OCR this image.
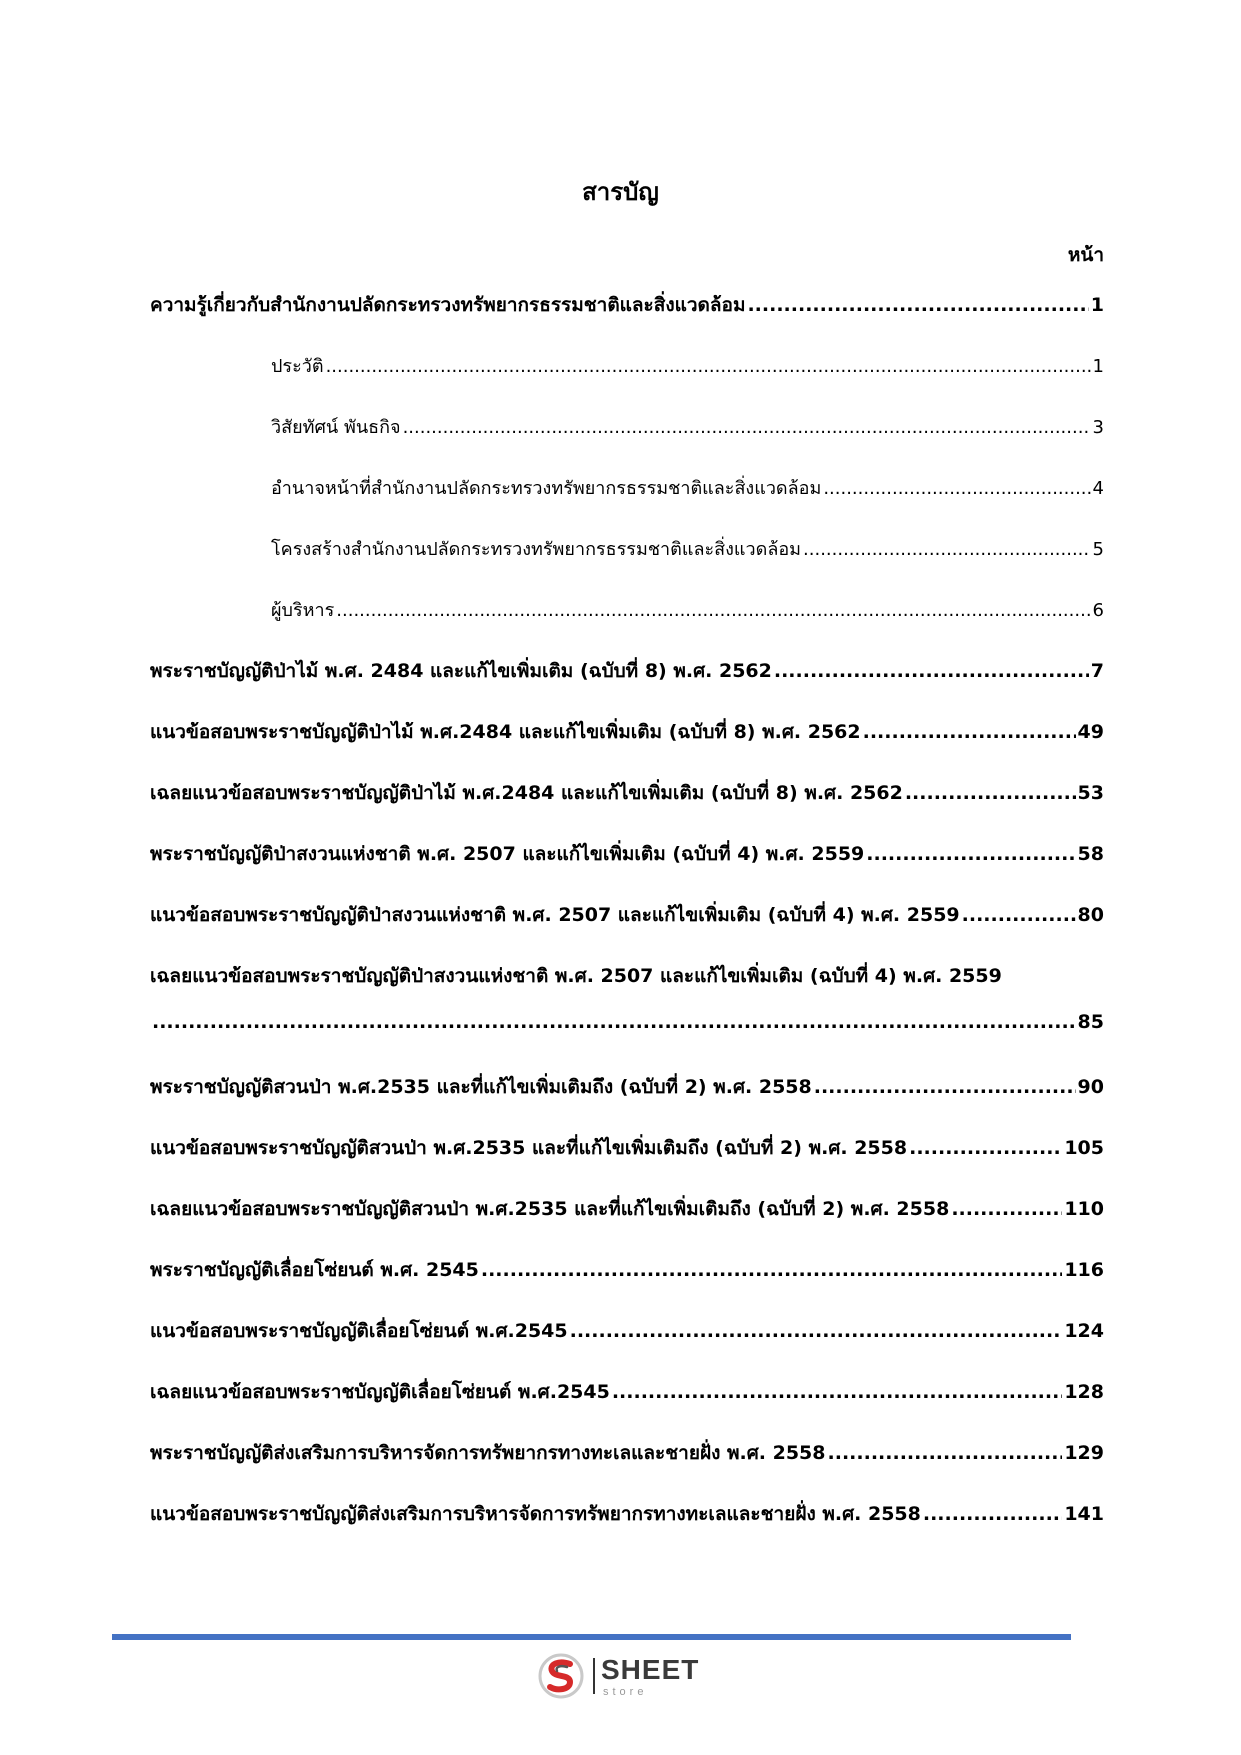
สารบัญ
หน้า
ความรู้เกี่ยวกับสำนักงานปลัดกระทรวงทรัพยากรธรรมชาติและสิ่งแวดล้อม .....	1
ประวัติ .....	1
วิสัยทัศน์ พันธกิจ .....	3
อำนาจหน้าที่สำนักงานปลัดกระทรวงทรัพยากรธรรมชาติและสิ่งแวดล้อม .....	4
โครงสร้างสำนักงานปลัดกระทรวงทรัพยากรธรรมชาติและสิ่งแวดล้อม .....	5
ผู้บริหาร .....	6
พระราชบัญญัติป่าไม้ พ.ศ. 2484 และแก้ไขเพิ่มเติม (ฉบับที่ 8) พ.ศ. 2562 .....	7
แนวข้อสอบพระราชบัญญัติป่าไม้ พ.ศ.2484 และแก้ไขเพิ่มเติม (ฉบับที่ 8) พ.ศ. 2562 .....	49
เฉลยแนวข้อสอบพระราชบัญญัติป่าไม้ พ.ศ.2484 และแก้ไขเพิ่มเติม (ฉบับที่ 8) พ.ศ. 2562 .....	53
พระราชบัญญัติป่าสงวนแห่งชาติ พ.ศ. 2507 และแก้ไขเพิ่มเติม (ฉบับที่ 4) พ.ศ. 2559 .....	58
แนวข้อสอบพระราชบัญญัติป่าสงวนแห่งชาติ พ.ศ. 2507 และแก้ไขเพิ่มเติม (ฉบับที่ 4) พ.ศ. 2559 .....	80
เฉลยแนวข้อสอบพระราชบัญญัติป่าสงวนแห่งชาติ พ.ศ. 2507 และแก้ไขเพิ่มเติม (ฉบับที่ 4) พ.ศ. 2559
.....
85
พระราชบัญญัติสวนป่า พ.ศ.2535 และที่แก้ไขเพิ่มเติมถึง (ฉบับที่ 2) พ.ศ. 2558 .....	90
แนวข้อสอบพระราชบัญญัติสวนป่า พ.ศ.2535 และที่แก้ไขเพิ่มเติมถึง (ฉบับที่ 2) พ.ศ. 2558 .....	105
เฉลยแนวข้อสอบพระราชบัญญัติสวนป่า พ.ศ.2535 และที่แก้ไขเพิ่มเติมถึง (ฉบับที่ 2) พ.ศ. 2558 .....	110
พระราชบัญญัติเลื่อยโซ่ยนต์ พ.ศ. 2545 .....	116
แนวข้อสอบพระราชบัญญัติเลื่อยโซ่ยนต์ พ.ศ.2545 .....	124
เฉลยแนวข้อสอบพระราชบัญญัติเลื่อยโซ่ยนต์ พ.ศ.2545 .....	128
พระราชบัญญัติส่งเสริมการบริหารจัดการทรัพยากรทางทะเลและชายฝั่ง พ.ศ. 2558 .....	129
แนวข้อสอบพระราชบัญญัติส่งเสริมการบริหารจัดการทรัพยากรทางทะเลและชายฝั่ง พ.ศ. 2558 .....	141
SHEET
store
